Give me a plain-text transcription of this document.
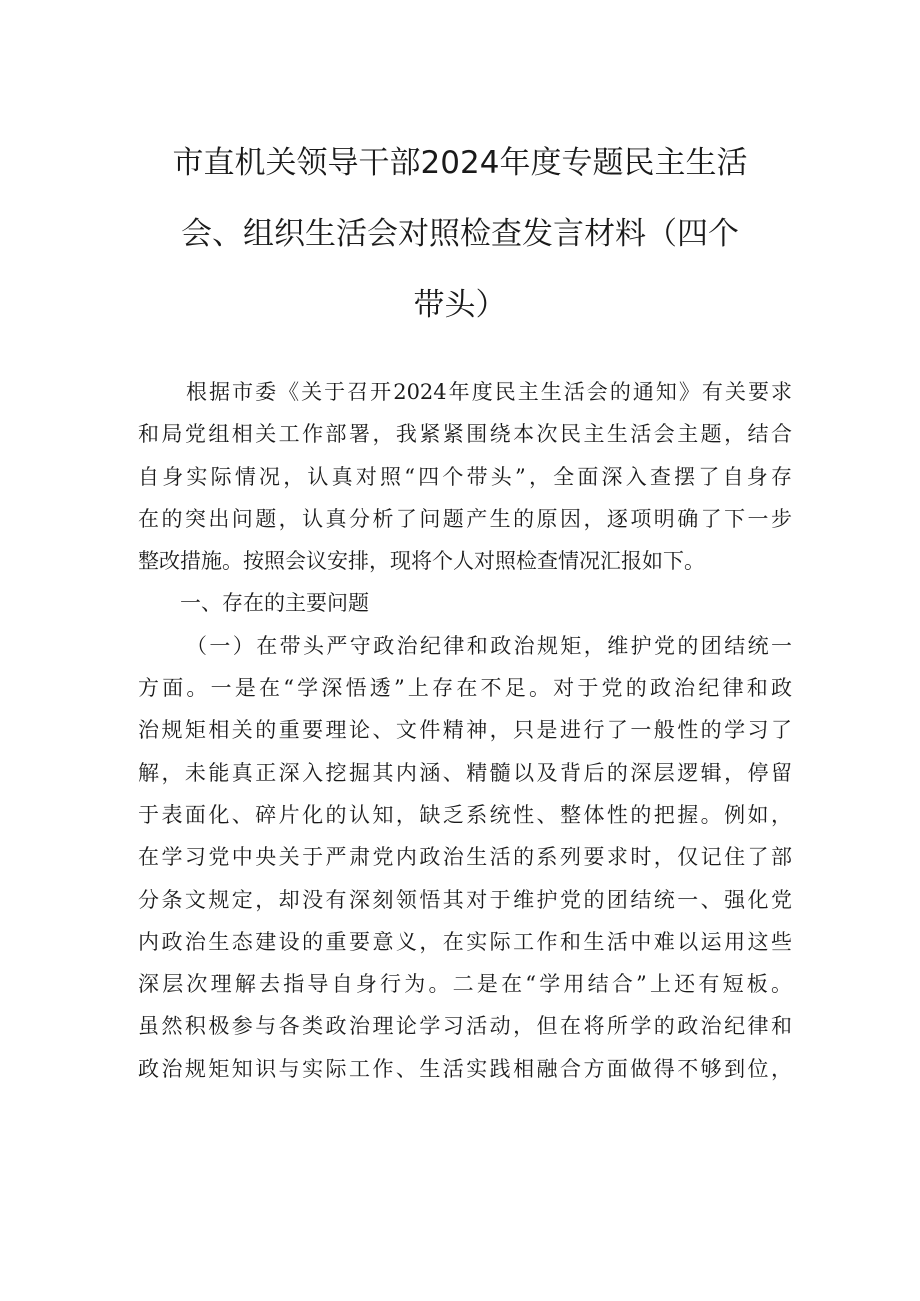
市直机关领导干部2024年度专题民主生活
会、组织生活会对照检查发言材料（四个
带头）
根据市委《关于召开2024年度民主生活会的通知》有关要求
和局党组相关工作部署，我紧紧围绕本次民主生活会主题，结合
自身实际情况，认真对照“四个带头”，全面深入查摆了自身存
在的突出问题，认真分析了问题产生的原因，逐项明确了下一步
整改措施。按照会议安排，现将个人对照检查情况汇报如下。
一、存在的主要问题
（一）在带头严守政治纪律和政治规矩，维护党的团结统一
方面。一是在“学深悟透”上存在不足。对于党的政治纪律和政
治规矩相关的重要理论、文件精神，只是进行了一般性的学习了
解，未能真正深入挖掘其内涵、精髓以及背后的深层逻辑，停留
于表面化、碎片化的认知，缺乏系统性、整体性的把握。例如，
在学习党中央关于严肃党内政治生活的系列要求时，仅记住了部
分条文规定，却没有深刻领悟其对于维护党的团结统一、强化党
内政治生态建设的重要意义，在实际工作和生活中难以运用这些
深层次理解去指导自身行为。二是在“学用结合”上还有短板。
虽然积极参与各类政治理论学习活动，但在将所学的政治纪律和
政治规矩知识与实际工作、生活实践相融合方面做得不够到位，
